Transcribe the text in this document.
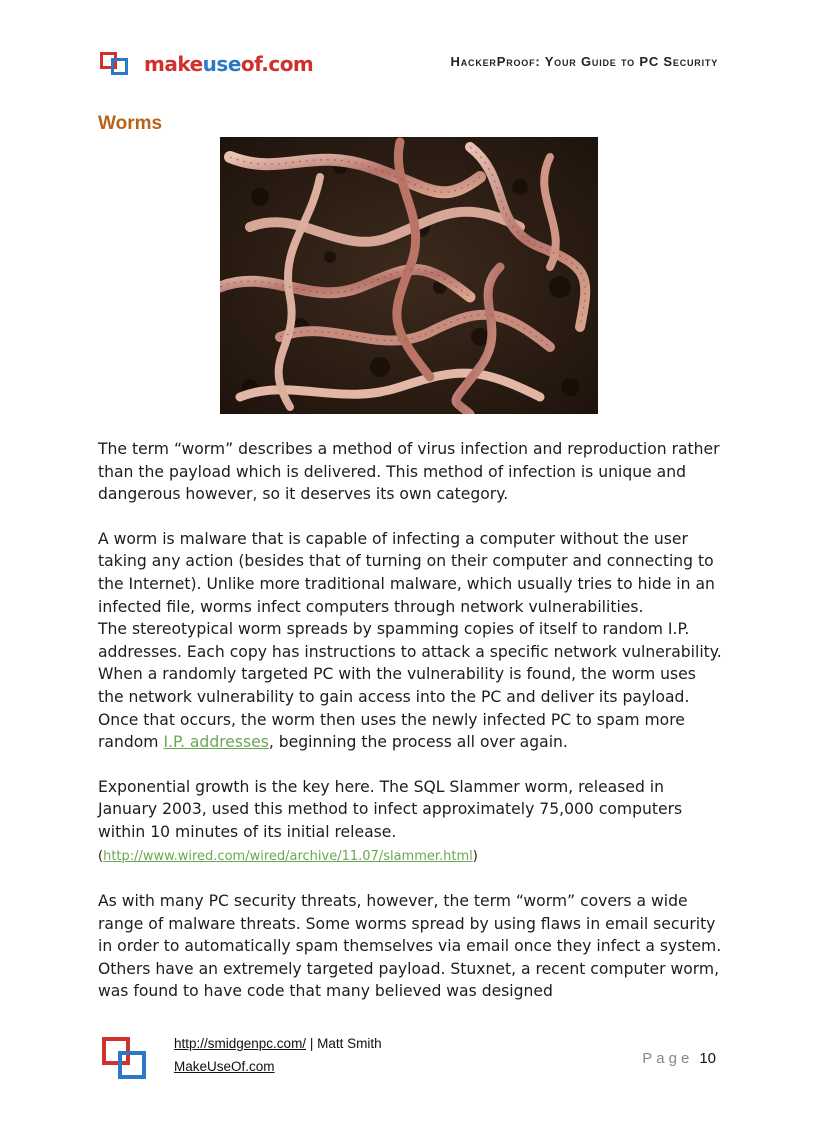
makeuseof.com	HackerProof: Your Guide to PC Security
Worms

The term “worm” describes a method of virus infection and reproduction rather than the payload which is delivered. This method of infection is unique and dangerous however, so it deserves its own category.

A worm is malware that is capable of infecting a computer without the user taking any action (besides that of turning on their computer and connecting to the Internet). Unlike more traditional malware, which usually tries to hide in an infected file, worms infect computers through network vulnerabilities.
The stereotypical worm spreads by spamming copies of itself to random I.P. addresses. Each copy has instructions to attack a specific network vulnerability. When a randomly targeted PC with the vulnerability is found, the worm uses the network vulnerability to gain access into the PC and deliver its payload. Once that occurs, the worm then uses the newly infected PC to spam more random I.P. addresses, beginning the process all over again.

Exponential growth is the key here. The SQL Slammer worm, released in January 2003, used this method to infect approximately 75,000 computers within 10 minutes of its initial release.
(http://www.wired.com/wired/archive/11.07/slammer.html)

As with many PC security threats, however, the term “worm” covers a wide range of malware threats. Some worms spread by using flaws in email security in order to automatically spam themselves via email once they infect a system. Others have an extremely targeted payload. Stuxnet, a recent computer worm, was found to have code that many believed was designed

http://smidgenpc.com/ | Matt Smith
MakeUseOf.com	Page 10
